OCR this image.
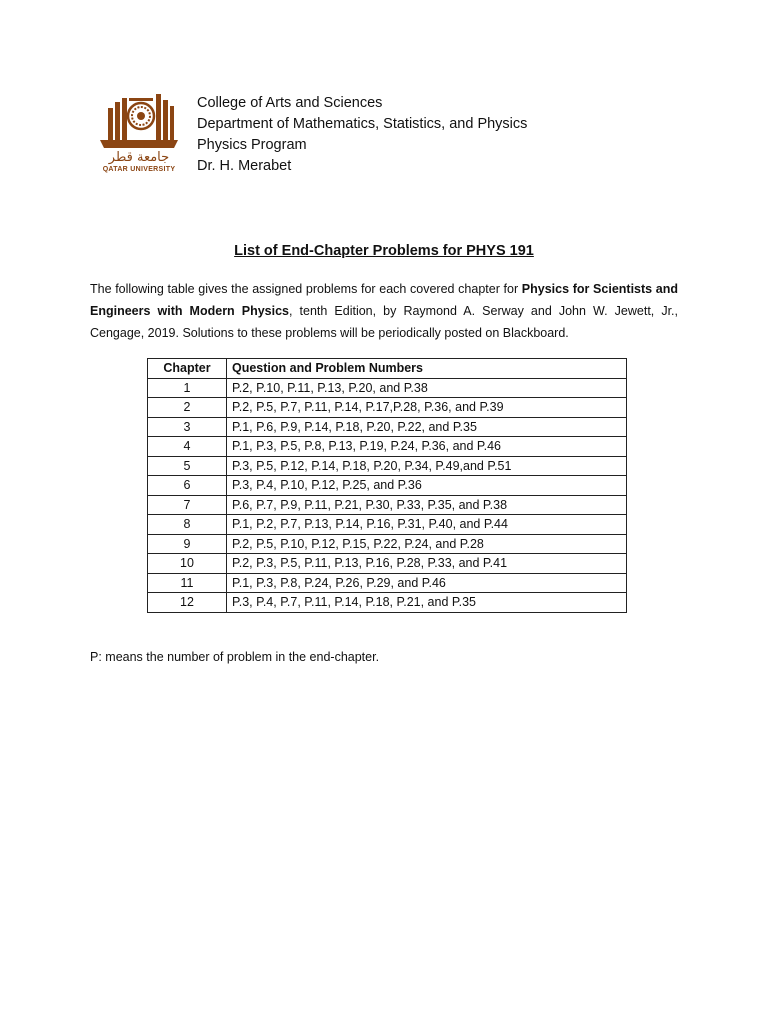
جامعة قطر
QATAR UNIVERSITY
College of Arts and Sciences
Department of Mathematics, Statistics, and Physics
Physics Program
Dr. H. Merabet
List of End-Chapter Problems for PHYS 191
The following table gives the assigned problems for each covered chapter for Physics for Scientists and Engineers with Modern Physics, tenth Edition, by Raymond A. Serway and John W. Jewett, Jr., Cengage, 2019. Solutions to these problems will be periodically posted on Blackboard.
Chapter	Question and Problem Numbers
1	P.2, P.10, P.11, P.13, P.20, and P.38
2	P.2, P.5, P.7, P.11, P.14, P.17,P.28, P.36, and P.39
3	P.1, P.6, P.9, P.14, P.18, P.20, P.22, and P.35
4	P.1, P.3, P.5, P.8, P.13, P.19, P.24, P.36, and P.46
5	P.3, P.5, P.12, P.14, P.18, P.20, P.34, P.49,and P.51
6	P.3, P.4, P.10, P.12, P.25, and P.36
7	P.6, P.7, P.9, P.11, P.21, P.30, P.33, P.35, and P.38
8	P.1, P.2, P.7, P.13, P.14, P.16, P.31, P.40, and P.44
9	P.2, P.5, P.10, P.12, P.15, P.22, P.24, and P.28
10	P.2, P.3, P.5, P.11, P.13, P.16, P.28, P.33, and P.41
11	P.1, P.3, P.8, P.24, P.26, P.29, and P.46
12	P.3, P.4, P.7, P.11, P.14, P.18, P.21, and P.35
P: means the number of problem in the end-chapter.
